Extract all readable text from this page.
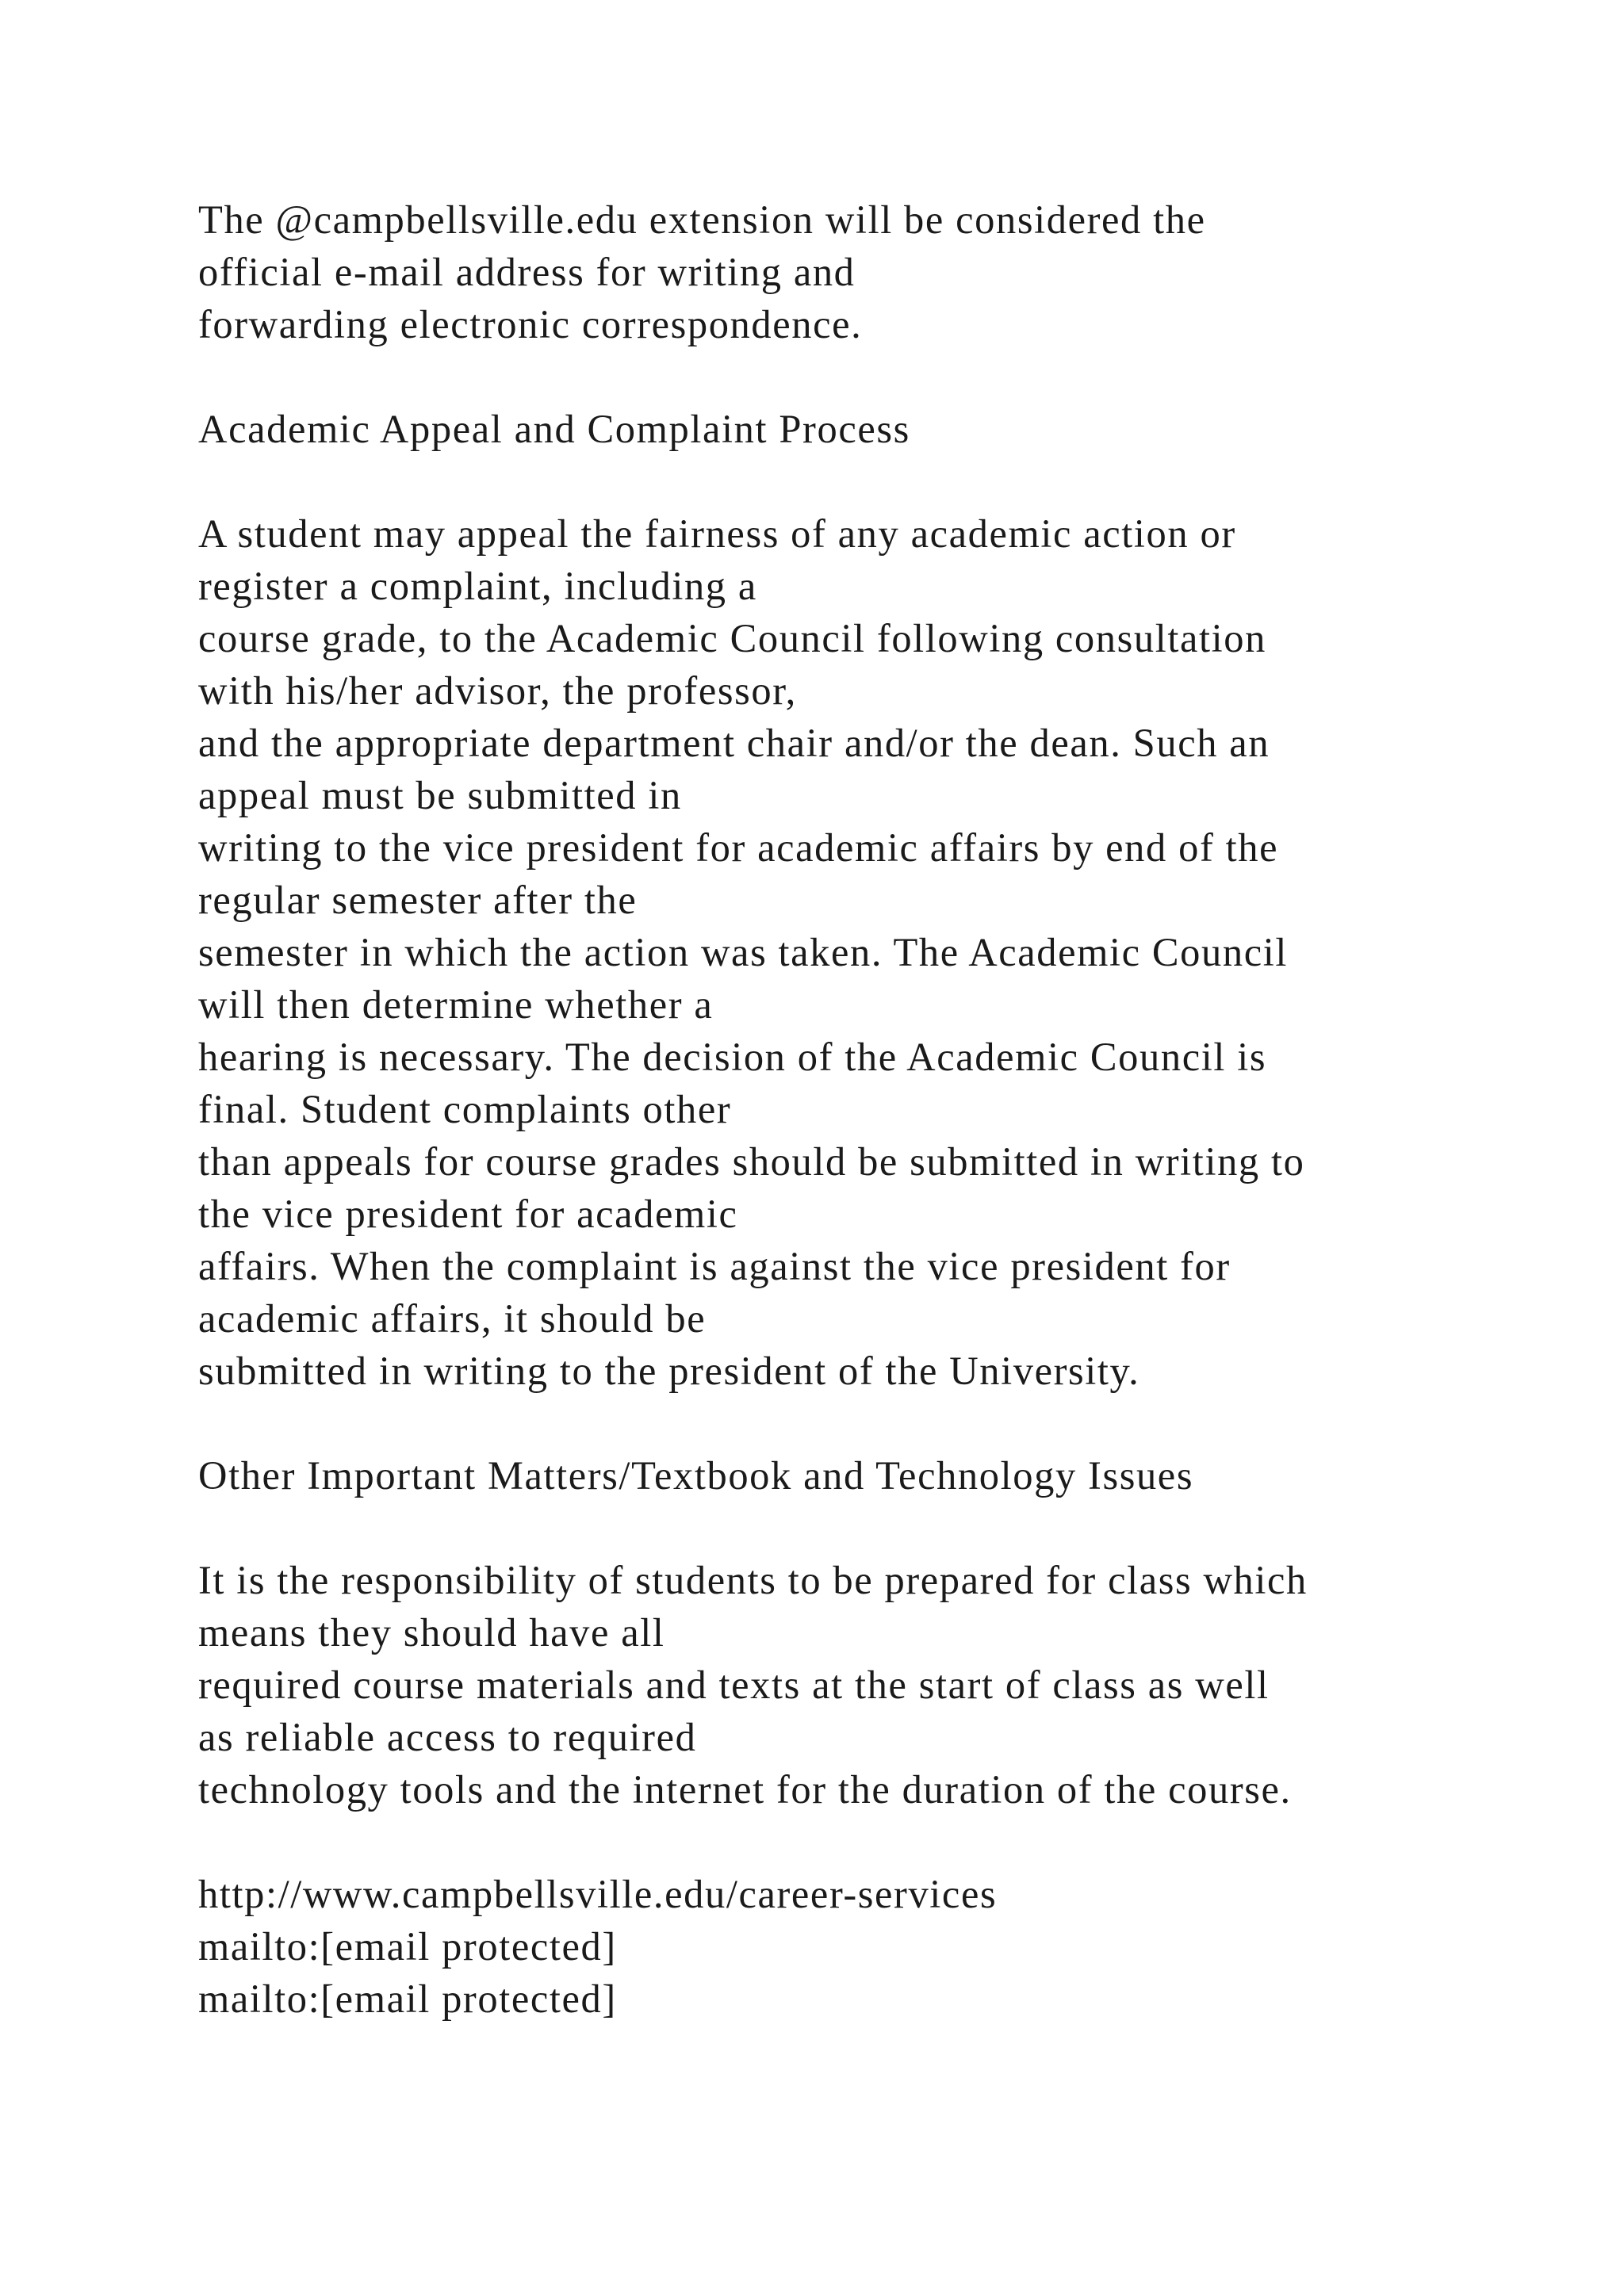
The @campbellsville.edu extension will be considered the
official e-mail address for writing and
forwarding electronic correspondence.
Academic Appeal and Complaint Process
A student may appeal the fairness of any academic action or
register a complaint, including a
course grade, to the Academic Council following consultation
with his/her advisor, the professor,
and the appropriate department chair and/or the dean. Such an
appeal must be submitted in
writing to the vice president for academic affairs by end of the
regular semester after the
semester in which the action was taken. The Academic Council
will then determine whether a
hearing is necessary. The decision of the Academic Council is
final. Student complaints other
than appeals for course grades should be submitted in writing to
the vice president for academic
affairs. When the complaint is against the vice president for
academic affairs, it should be
submitted in writing to the president of the University.
Other Important Matters/Textbook and Technology Issues
It is the responsibility of students to be prepared for class which
means they should have all
required course materials and texts at the start of class as well
as reliable access to required
technology tools and the internet for the duration of the course.
http://www.campbellsville.edu/career-services
mailto:[email protected]
mailto:[email protected]
